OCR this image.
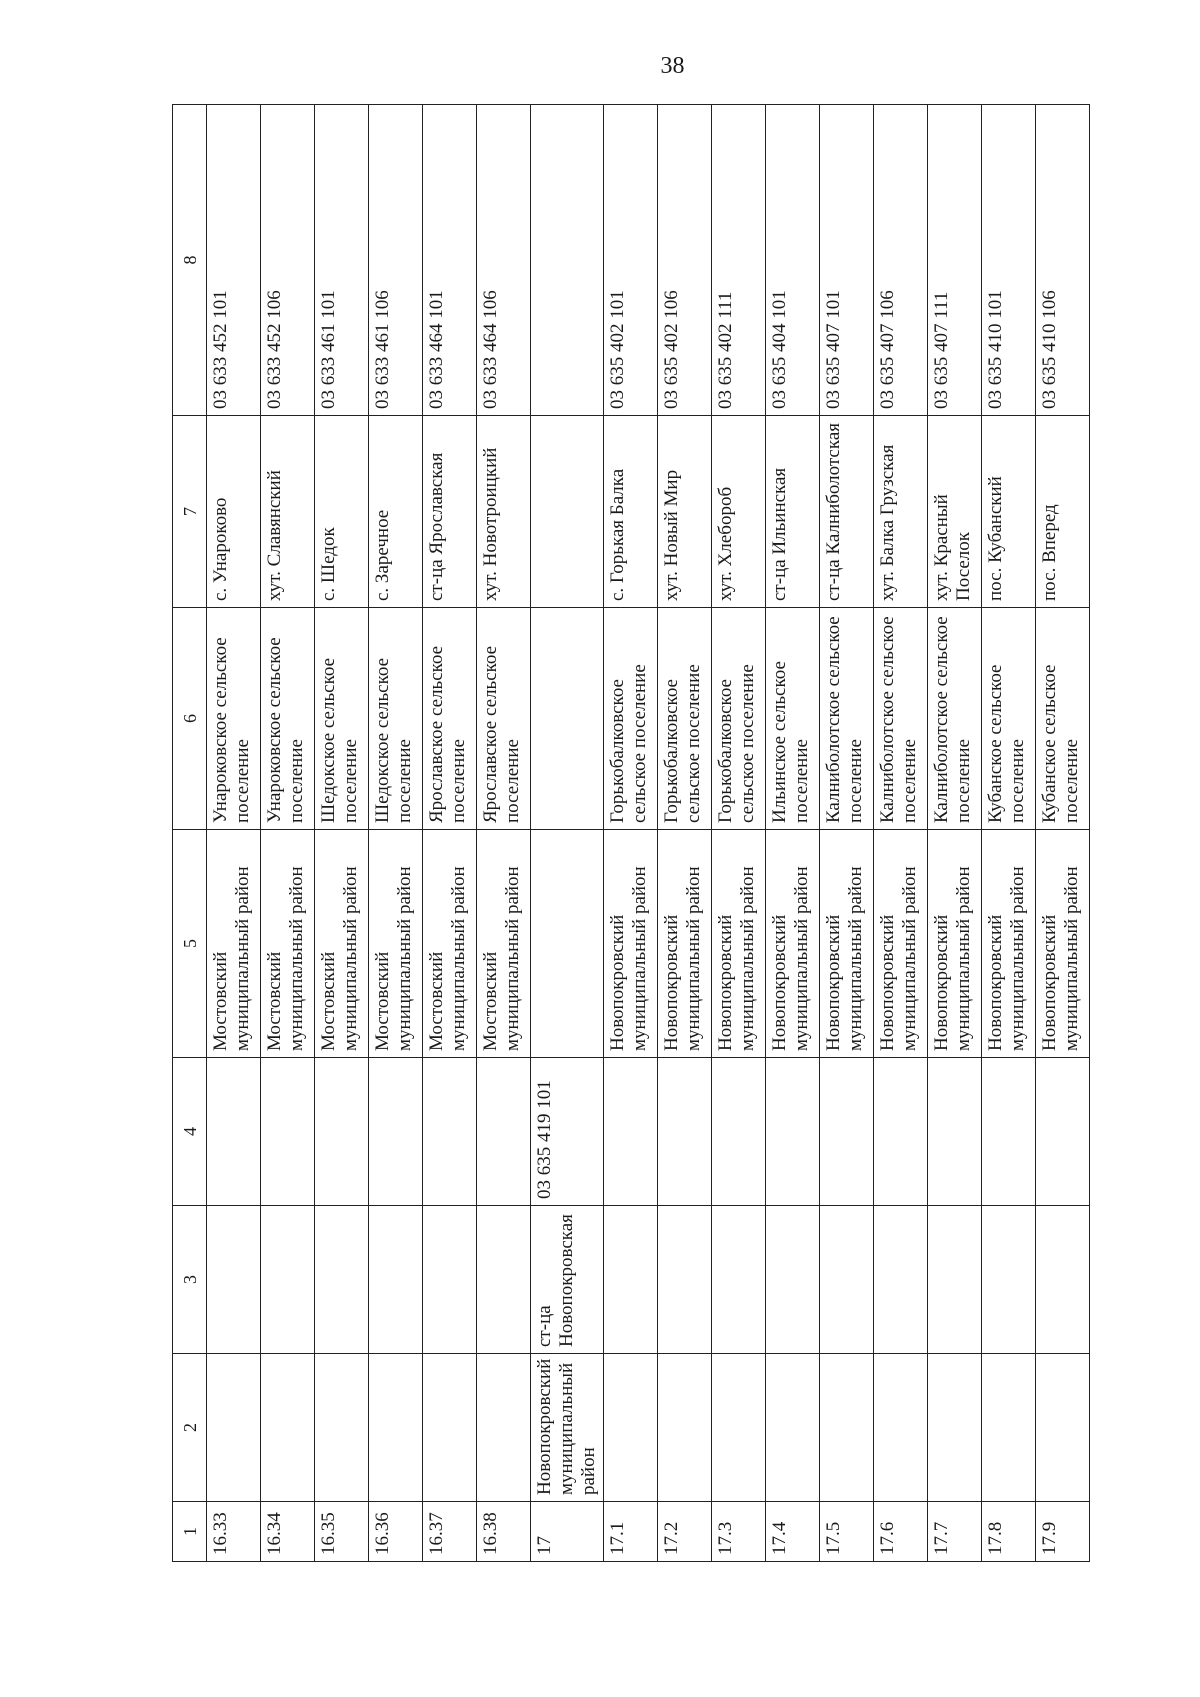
38
1	2	3	4	5	6	7	8
16.33				Мостовский муниципальный район	Унароковское сельское поселение	с. Унароково	03 633 452 101
16.34				Мостовский муниципальный район	Унароковское сельское поселение	хут. Славянский	03 633 452 106
16.35				Мостовский муниципальный район	Шедокское сельское поселение	с. Шедок	03 633 461 101
16.36				Мостовский муниципальный район	Шедокское сельское поселение	с. Заречное	03 633 461 106
16.37				Мостовский муниципальный район	Ярославское сельское поселение	ст-ца Ярославская	03 633 464 101
16.38				Мостовский муниципальный район	Ярославское сельское поселение	хут. Новотроицкий	03 633 464 106
17	Новопокровский муниципальный район	ст-ца Новопокровская	03 635 419 101				
17.1				Новопокровский муниципальный район	Горькобалковское сельское поселение	с. Горькая Балка	03 635 402 101
17.2				Новопокровский муниципальный район	Горькобалковское сельское поселение	хут. Новый Мир	03 635 402 106
17.3				Новопокровский муниципальный район	Горькобалковское сельское поселение	хут. Хлебороб	03 635 402 111
17.4				Новопокровский муниципальный район	Ильинское сельское поселение	ст-ца Ильинская	03 635 404 101
17.5				Новопокровский муниципальный район	Калниболотское сельское поселение	ст-ца Калниболотская	03 635 407 101
17.6				Новопокровский муниципальный район	Калниболотское сельское поселение	хут. Балка Грузская	03 635 407 106
17.7				Новопокровский муниципальный район	Калниболотское сельское поселение	хут. Красный Поселок	03 635 407 111
17.8				Новопокровский муниципальный район	Кубанское сельское поселение	пос. Кубанский	03 635 410 101
17.9				Новопокровский муниципальный район	Кубанское сельское поселение	пос. Вперед	03 635 410 106
